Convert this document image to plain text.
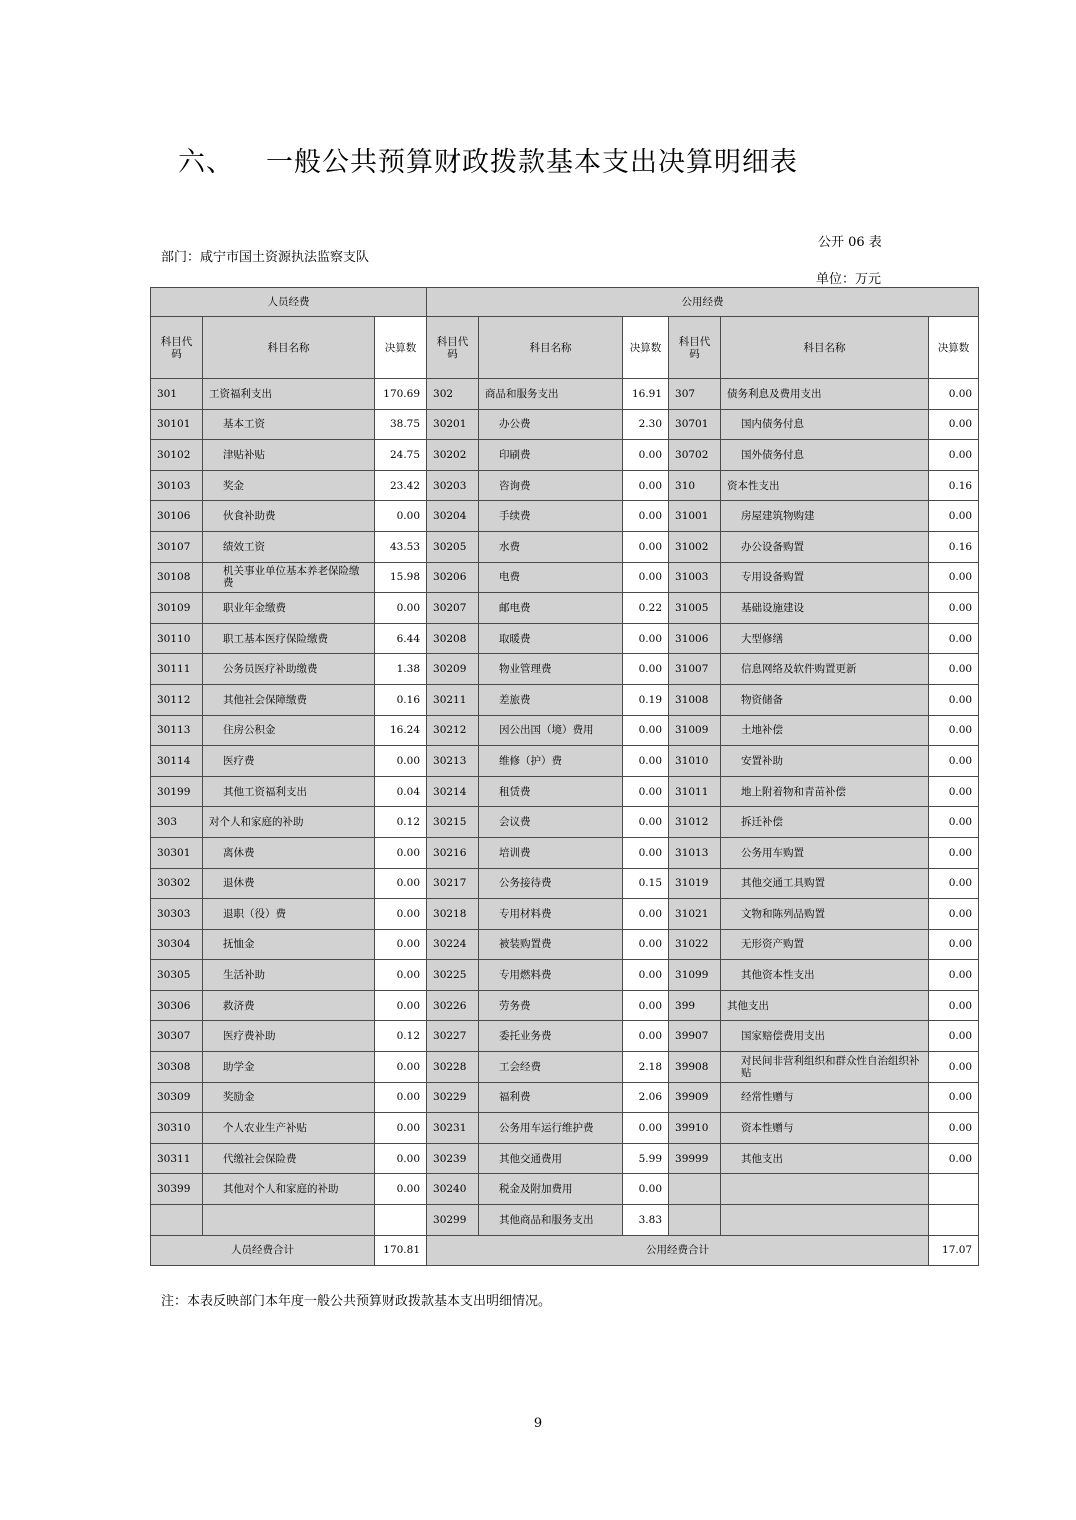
六、 一般公共预算财政拨款基本支出决算明细表
公开 06 表
部门：咸宁市国土资源执法监察支队
单位：万元
人员经费			公用经费					
科目代码	科目名称	决算数	科目代码	科目名称	决算数	科目代码	科目名称	决算数
301	工资福利支出	170.69	302	商品和服务支出	16.91	307	债务利息及费用支出	0.00
30101	基本工资	38.75	30201	办公费	2.30	30701	国内债务付息	0.00
30102	津贴补贴	24.75	30202	印刷费	0.00	30702	国外债务付息	0.00
30103	奖金	23.42	30203	咨询费	0.00	310	资本性支出	0.16
30106	伙食补助费	0.00	30204	手续费	0.00	31001	房屋建筑物购建	0.00
30107	绩效工资	43.53	30205	水费	0.00	31002	办公设备购置	0.16
30108	机关事业单位基本养老保险缴费	15.98	30206	电费	0.00	31003	专用设备购置	0.00
30109	职业年金缴费	0.00	30207	邮电费	0.22	31005	基础设施建设	0.00
30110	职工基本医疗保险缴费	6.44	30208	取暖费	0.00	31006	大型修缮	0.00
30111	公务员医疗补助缴费	1.38	30209	物业管理费	0.00	31007	信息网络及软件购置更新	0.00
30112	其他社会保障缴费	0.16	30211	差旅费	0.19	31008	物资储备	0.00
30113	住房公积金	16.24	30212	因公出国（境）费用	0.00	31009	土地补偿	0.00
30114	医疗费	0.00	30213	维修（护）费	0.00	31010	安置补助	0.00
30199	其他工资福利支出	0.04	30214	租赁费	0.00	31011	地上附着物和青苗补偿	0.00
303	对个人和家庭的补助	0.12	30215	会议费	0.00	31012	拆迁补偿	0.00
30301	离休费	0.00	30216	培训费	0.00	31013	公务用车购置	0.00
30302	退休费	0.00	30217	公务接待费	0.15	31019	其他交通工具购置	0.00
30303	退职（役）费	0.00	30218	专用材料费	0.00	31021	文物和陈列品购置	0.00
30304	抚恤金	0.00	30224	被装购置费	0.00	31022	无形资产购置	0.00
30305	生活补助	0.00	30225	专用燃料费	0.00	31099	其他资本性支出	0.00
30306	救济费	0.00	30226	劳务费	0.00	399	其他支出	0.00
30307	医疗费补助	0.12	30227	委托业务费	0.00	39907	国家赔偿费用支出	0.00
30308	助学金	0.00	30228	工会经费	2.18	39908	对民间非营利组织和群众性自治组织补贴	0.00
30309	奖励金	0.00	30229	福利费	2.06	39909	经常性赠与	0.00
30310	个人农业生产补贴	0.00	30231	公务用车运行维护费	0.00	39910	资本性赠与	0.00
30311	代缴社会保险费	0.00	30239	其他交通费用	5.99	39999	其他支出	0.00
30399	其他对个人和家庭的补助	0.00	30240	税金及附加费用	0.00			
			30299	其他商品和服务支出	3.83			
人员经费合计		170.81	公用经费合计					17.07
注：本表反映部门本年度一般公共预算财政拨款基本支出明细情况。
9
